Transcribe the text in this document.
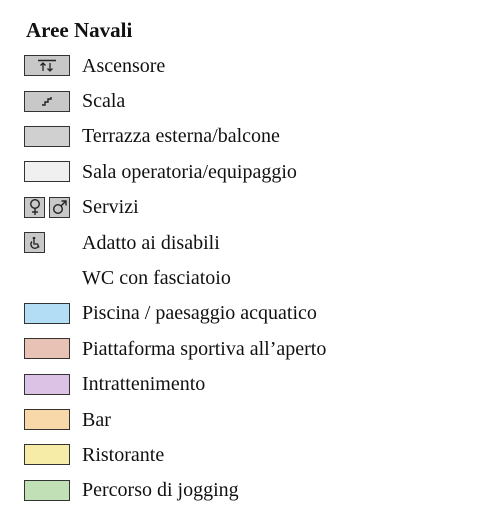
Aree Navali
Ascensore
Scala
Terrazza esterna/balcone
Sala operatoria/equipaggio
Servizi
Adatto ai disabili
WC con fasciatoio
Piscina / paesaggio acquatico
Piattaforma sportiva all’aperto
Intrattenimento
Bar
Ristorante
Percorso di jogging
